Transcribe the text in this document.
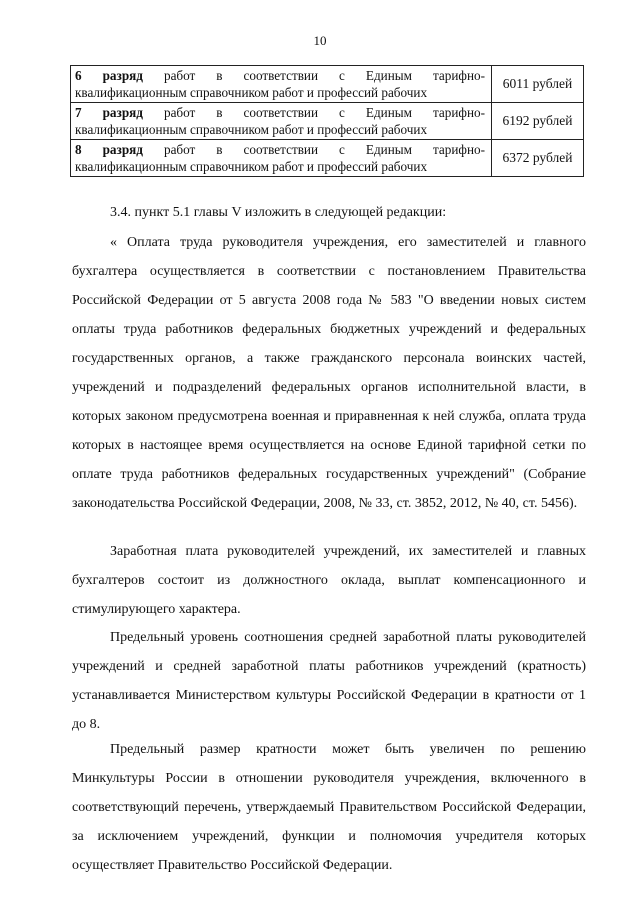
10
6 разряд работ в соответствии с Единым тарифно-
квалификационным справочником работ и профессий рабочих	6011 рублей

7 разряд работ в соответствии с Единым тарифно-
квалификационным справочником работ и профессий рабочих	6192 рублей

8 разряд работ в соответствии с Единым тарифно-
квалификационным справочником работ и профессий рабочих	6372 рублей
3.4. пункт 5.1 главы V изложить в следующей редакции:
« Оплата труда руководителя учреждения, его заместителей и главного бухгалтера осуществляется в соответствии с постановлением Правительства Российской Федерации от 5 августа 2008 года № 583 "О введении новых систем оплаты труда работников федеральных бюджетных учреждений и федеральных государственных органов, а также гражданского персонала воинских частей, учреждений и подразделений федеральных органов исполнительной власти, в которых законом предусмотрена военная и приравненная к ней служба, оплата труда которых в настоящее время осуществляется на основе Единой тарифной сетки по оплате труда работников федеральных государственных учреждений" (Собрание законодательства Российской Федерации, 2008, № 33, ст. 3852, 2012, № 40, ст. 5456).
Заработная плата руководителей учреждений, их заместителей и главных бухгалтеров состоит из должностного оклада, выплат компенсационного и стимулирующего характера.
Предельный уровень соотношения средней заработной платы руководителей учреждений и средней заработной платы работников учреждений (кратность) устанавливается Министерством культуры Российской Федерации в кратности от 1 до 8.
Предельный размер кратности может быть увеличен по решению Минкультуры России в отношении руководителя учреждения, включенного в соответствующий перечень, утверждаемый Правительством Российской Федерации, за исключением учреждений, функции и полномочия учредителя которых осуществляет Правительство Российской Федерации.
